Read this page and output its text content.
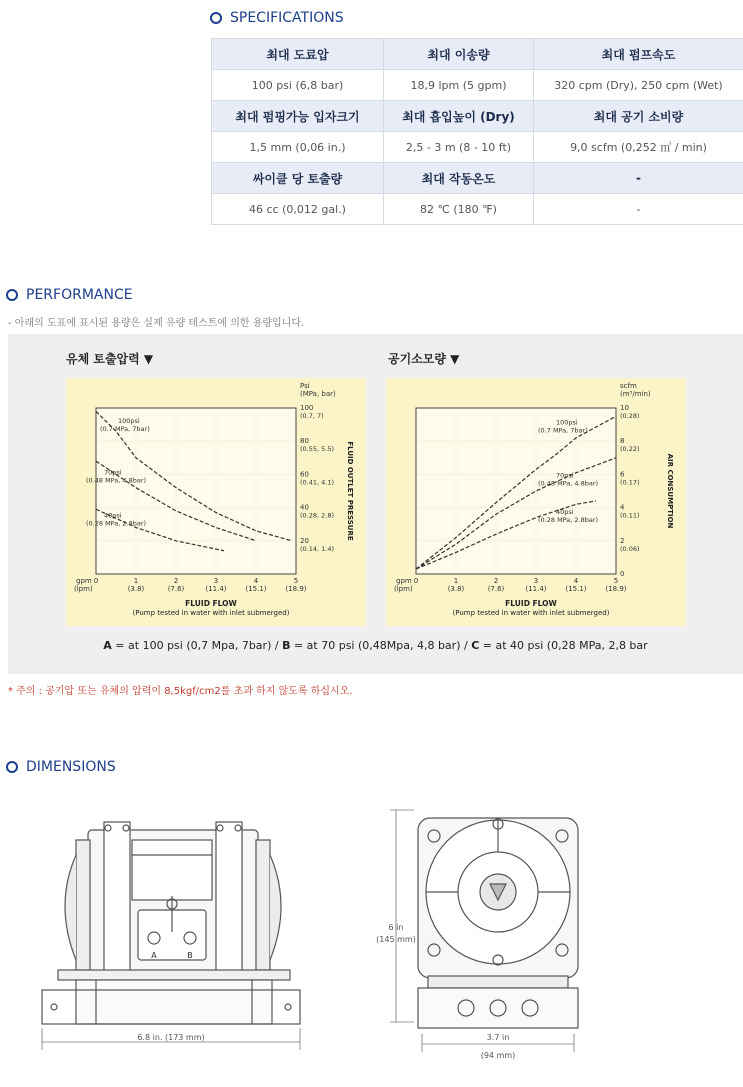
SPECIFICATIONS
최대 도료압	최대 이송량	최대 펌프속도
100 psi (6,8 bar)	18,9 lpm (5 gpm)	320 cpm (Dry), 250 cpm (Wet)
최대 펌핑가능 입자크기	최대 흡입높이 (Dry)	최대 공기 소비량
1,5 mm (0,06 in.)	2,5 - 3 m (8 - 10 ft)	9,0 scfm (0,252 ㎥ / min)
싸이클 당 토출량	최대 작동온도	-
46 cc (0,012 gal.)	82 ℃ (180 ℉)	-
PERFORMANCE
- 아래의 도표에 표시된 용량은 실제 유량 테스트에 의한 용량입니다.
유체 토출압력 ▼	공기소모량 ▼
0	1
(3.8)
2
(7.6)
3
(11.4)
4
(15.1)
5
(18.9)
gpm
(lpm)
100
(0.7, 7)
80
(0.55, 5.5)
60
(0.41, 4.1)
40
(0.28, 2.8)
20
(0.14, 1.4)
Psi
(MPa, bar)
FLUID OUTLET PRESSURE
FLUID FLOW
(Pump tested in water with inlet submerged)
100psi
(0.7 MPa, 7bar)
70psi
(0.48 MPa, 4.8bar)
40psi
(0.28 MPa, 2.8bar)
0	1
(3.8)
2
(7.6)
3
(11.4)
4
(15.1)
5
(18.9)
gpm
(lpm)
10
(0.28)
8
(0.22)
6
(0.17)
4
(0.11)
2
(0.06)
0
scfm
(m³/min)
AIR CONSUMPTION
FLUID FLOW
(Pump tested in water with inlet submerged)
100psi
(0.7 MPa, 7bar)
70psi
(0.48 MPa, 4.8bar)
40psi
(0.28 MPa, 2.8bar)
A = at 100 psi (0,7 Mpa, 7bar) / B = at 70 psi (0,48Mpa, 4,8 bar) / C = at 40 psi (0,28 MPa, 2,8 bar
* 주의 : 공기압 또는 유체의 압력이 8,5kgf/cm2를 초과 하지 않도록 하십시오.
DIMENSIONS
A	B
6.8 in. (173 mm)
6 in
(145 mm)
3.7 in
(94 mm)
